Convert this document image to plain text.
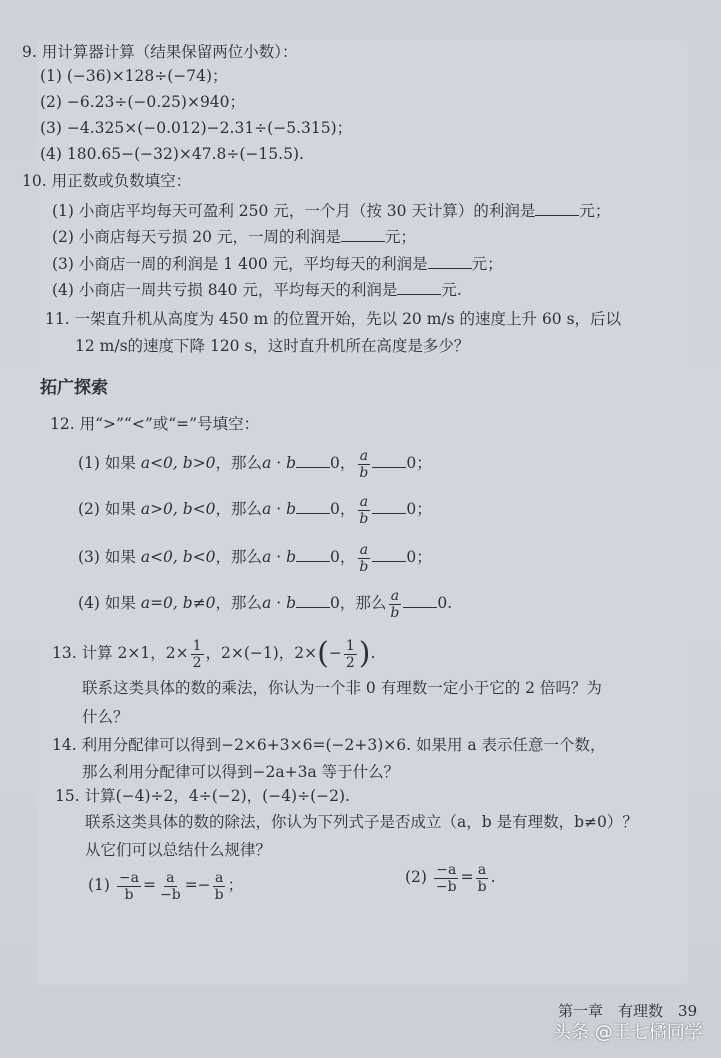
9. 用计算器计算（结果保留两位小数）：
(1) (−36)×128÷(−74)；
(2) −6.23÷(−0.25)×940；
(3) −4.325×(−0.012)−2.31÷(−5.315)；
(4) 180.65−(−32)×47.8÷(−15.5).
10. 用正数或负数填空：
(1) 小商店平均每天可盈利 250 元，一个月（按 30 天计算）的利润是	元；
(2) 小商店每天亏损 20 元，一周的利润是	元；
(3) 小商店一周的利润是 1 400 元，平均每天的利润是	元；
(4) 小商店一周共亏损 840 元，平均每天的利润是	元.
11. 一架直升机从高度为 450 m 的位置开始，先以 20 m/s 的速度上升 60 s，后以
12 m/s的速度下降 120 s，这时直升机所在高度是多少？
拓广探索
12. 用“>”“<”或“=”号填空：
(1) 如果 a<0, b>0，那么a · b 0， $\frac{a}{b} 0$；
(2) 如果 a>0, b<0，那么a · b 0， $\frac{a}{b} 0$；
(3) 如果 a<0, b<0，那么a · b 0， $\frac{a}{b} 0$；
(4) 如果 a=0, b≠0，那么a · b 0，那么 $\frac{a}{b} 0$.
13. 计算 2×1，$2\times \frac{1}{2}$ ，2×(−1)，$2\times(- \frac{1}{2}$ ).
联系这类具体的数的乘法，你认为一个非 0 有理数一定小于它的 2 倍吗？为
什么？
14. 利用分配律可以得到−2×6+3×6=(−2+3)×6. 如果用 a 表示任意一个数，
那么利用分配律可以得到−2a+3a 等于什么？
15. 计算(−4)÷2，4÷(−2)，(−4)÷(−2).
联系这类具体的数的除法，你认为下列式子是否成立（a，b 是有理数，b≠0）？
从它们可以总结什么规律？
$(1) \frac{-a}{b} = \frac{a}{-b} =- \frac{a}{b}$ ；	$(2) \frac{-a}{-b} = \frac{a}{b}$ .
第一章　有理数　 39
头条 @王七橘同学
